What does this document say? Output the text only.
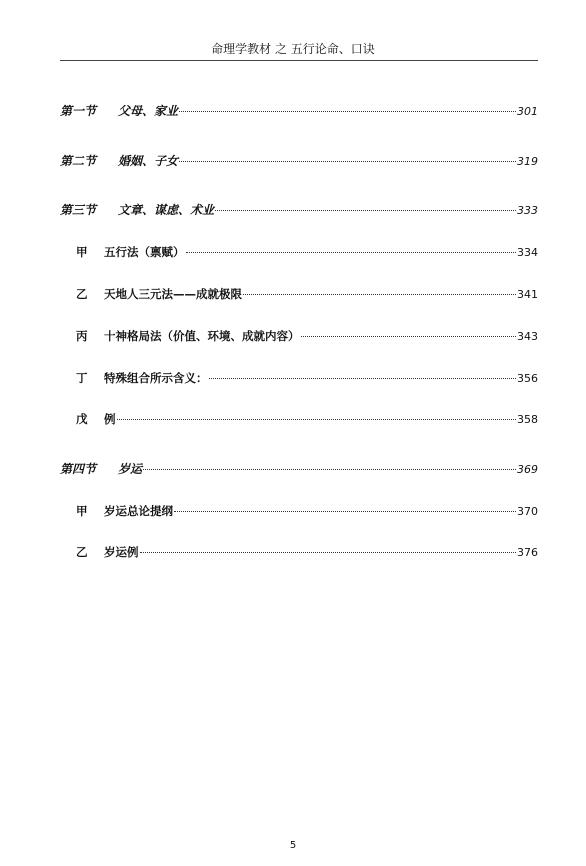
命理学教材 之 五行论命、口诀
第一节	父母、家业	301
第二节	婚姻、子女	319
第三节	文章、谋虑、术业	333
甲	五行法（禀赋）	334
乙	天地人三元法——成就极限	341
丙	十神格局法（价值、环境、成就内容）	343
丁	特殊组合所示含义：	356
戊	例	358
第四节	岁运	369
甲	岁运总论提纲	370
乙	岁运例	376
5
